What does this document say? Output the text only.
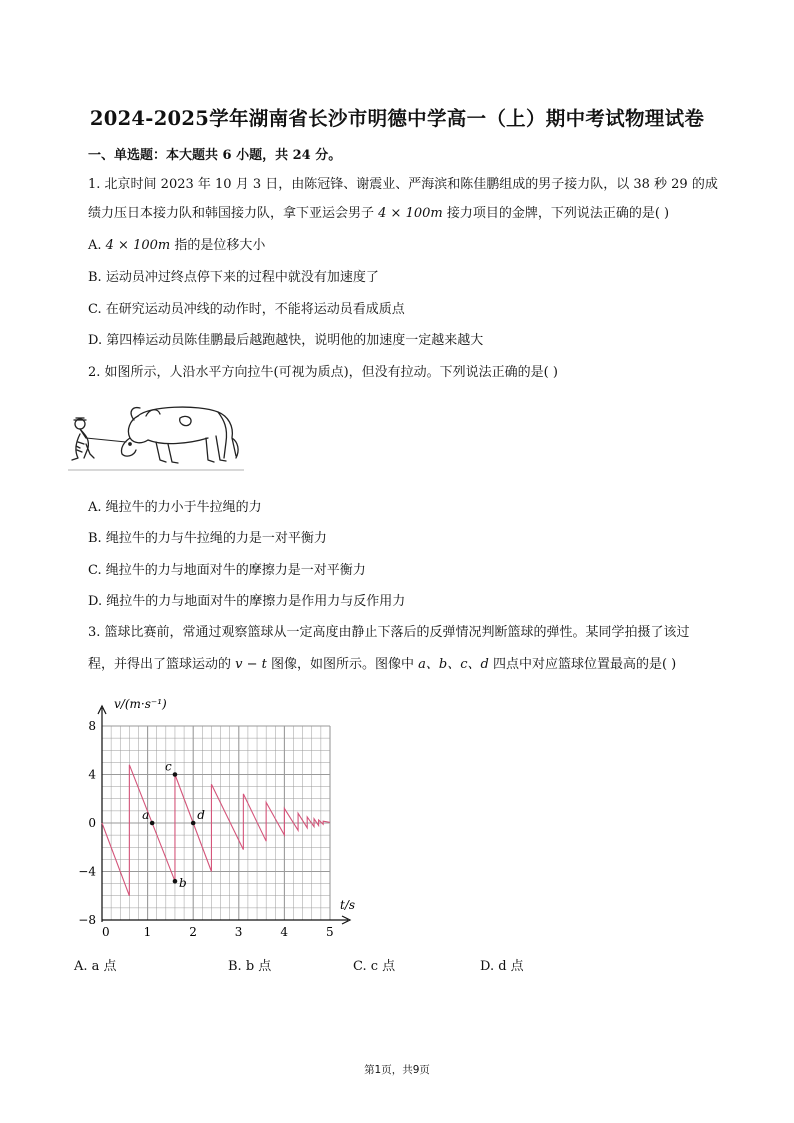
2024-2025学年湖南省长沙市明德中学高一（上）期中考试物理试卷
一、单选题：本大题共 6 小题，共 24 分。
1. 北京时间 2023 年 10 月 3 日，由陈冠锋、谢震业、严海滨和陈佳鹏组成的男子接力队，以 38 秒 29 的成
绩力压日本接力队和韩国接力队，拿下亚运会男子 4 × 100m 接力项目的金牌，下列说法正确的是( )
A. 4 × 100m 指的是位移大小
B. 运动员冲过终点停下来的过程中就没有加速度了
C. 在研究运动员冲线的动作时，不能将运动员看成质点
D. 第四棒运动员陈佳鹏最后越跑越快，说明他的加速度一定越来越大
2. 如图所示，人沿水平方向拉牛(可视为质点)，但没有拉动。下列说法正确的是( )
A. 绳拉牛的力小于牛拉绳的力
B. 绳拉牛的力与牛拉绳的力是一对平衡力
C. 绳拉牛的力与地面对牛的摩擦力是一对平衡力
D. 绳拉牛的力与地面对牛的摩擦力是作用力与反作用力
3. 篮球比赛前，常通过观察篮球从一定高度由静止下落后的反弹情况判断篮球的弹性。某同学拍摄了该过
程，并得出了篮球运动的 v − t 图像，如图所示。图像中 a、b、c、d 四点中对应篮球位置最高的是( )
a
b
c
d
0	1	2	3	4	5
8
4
0
−4
−8
v/(m·s⁻¹)
t/s
A. a 点	B. b 点	C. c 点	D. d 点
第1页，共9页
